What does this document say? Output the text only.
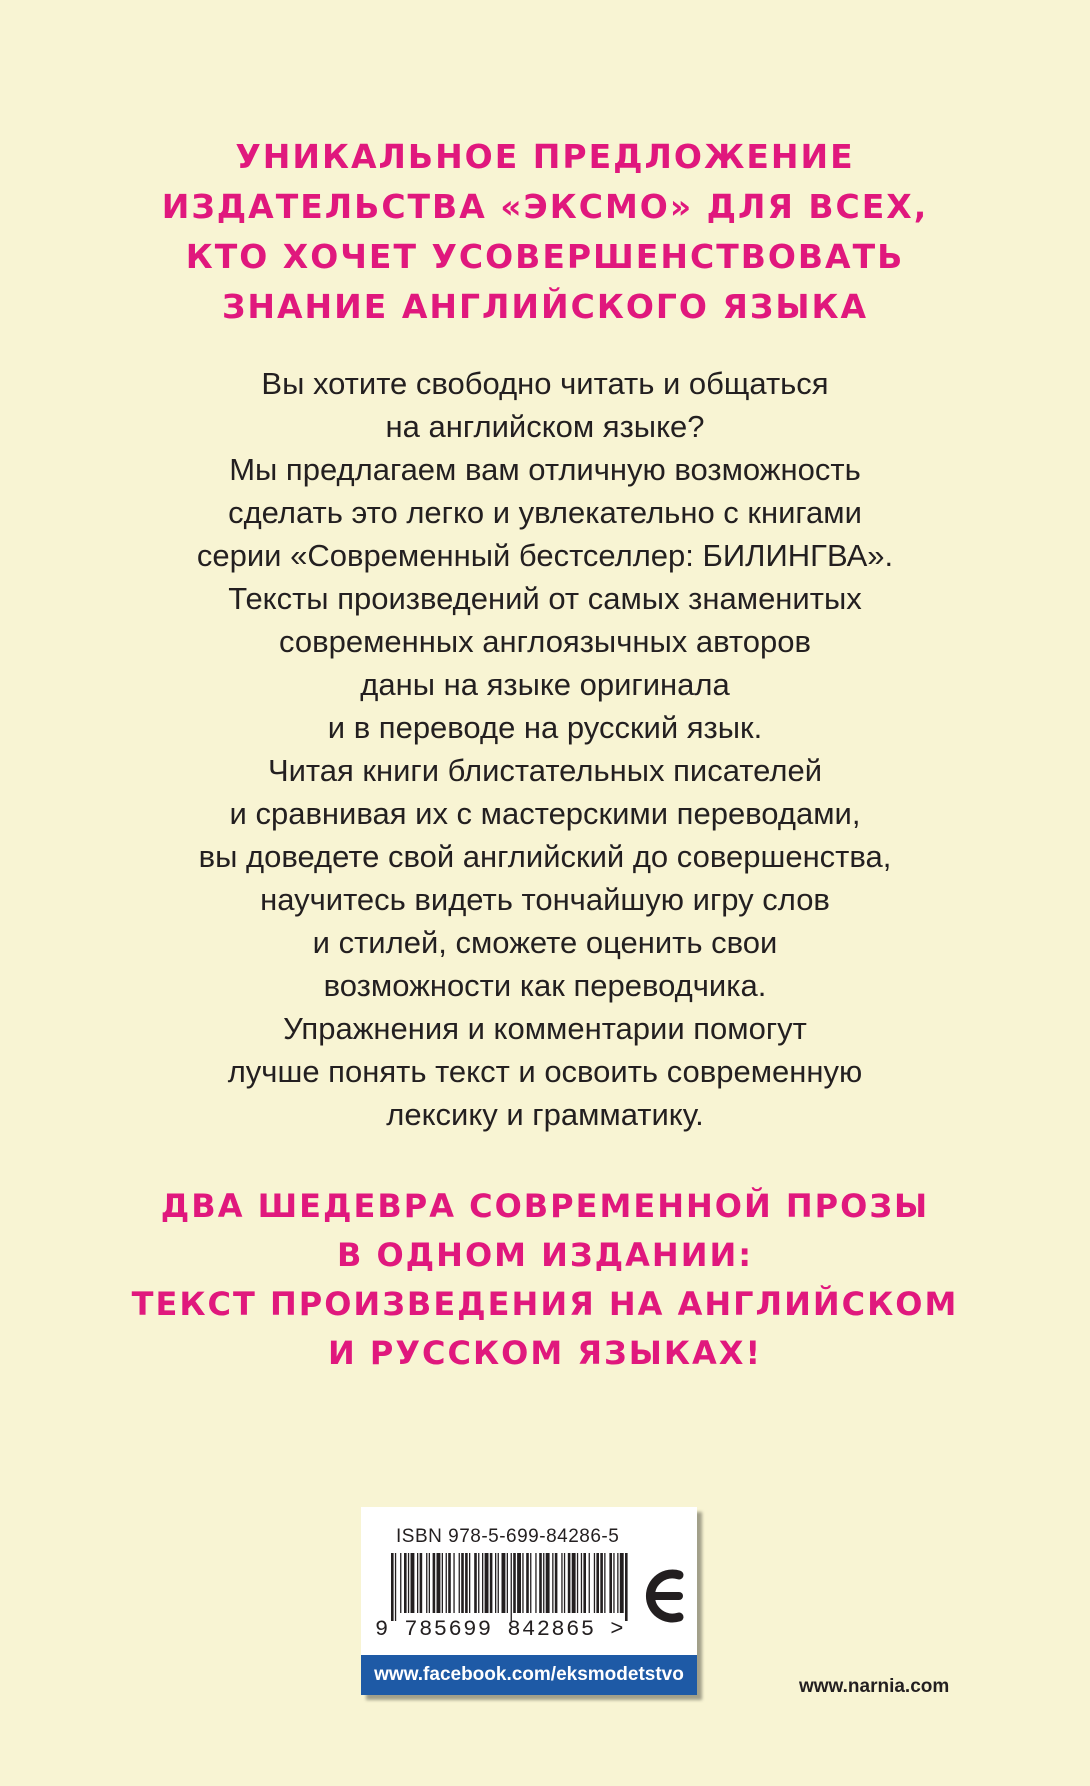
УНИКАЛЬНОЕ ПРЕДЛОЖЕНИЕ
ИЗДАТЕЛЬСТВА «ЭКСМО» ДЛЯ ВСЕХ,
КТО ХОЧЕТ УСОВЕРШЕНСТВОВАТЬ
ЗНАНИЕ АНГЛИЙСКОГО ЯЗЫКА
Вы хотите свободно читать и общаться
на английском языке?
Мы предлагаем вам отличную возможность
сделать это легко и увлекательно с книгами
серии «Современный бестселлер: БИЛИНГВА».
Тексты произведений от самых знаменитых
современных англоязычных авторов
даны на языке оригинала
и в переводе на русский язык.
Читая книги блистательных писателей
и сравнивая их с мастерскими переводами,
вы доведете свой английский до совершенства,
научитесь видеть тончайшую игру слов
и стилей, сможете оценить свои
возможности как переводчика.
Упражнения и комментарии помогут
лучше понять текст и освоить современную
лексику и грамматику.
ДВА ШЕДЕВРА СОВРЕМЕННОЙ ПРОЗЫ
В ОДНОМ ИЗДАНИИ:
ТЕКСТ ПРОИЗВЕДЕНИЯ НА АНГЛИЙСКОМ
И РУССКОМ ЯЗЫКАХ!
ISBN 978-5-699-84286-5
9 785699 842865 >
www.facebook.com/eksmodetstvo
www.narnia.com
